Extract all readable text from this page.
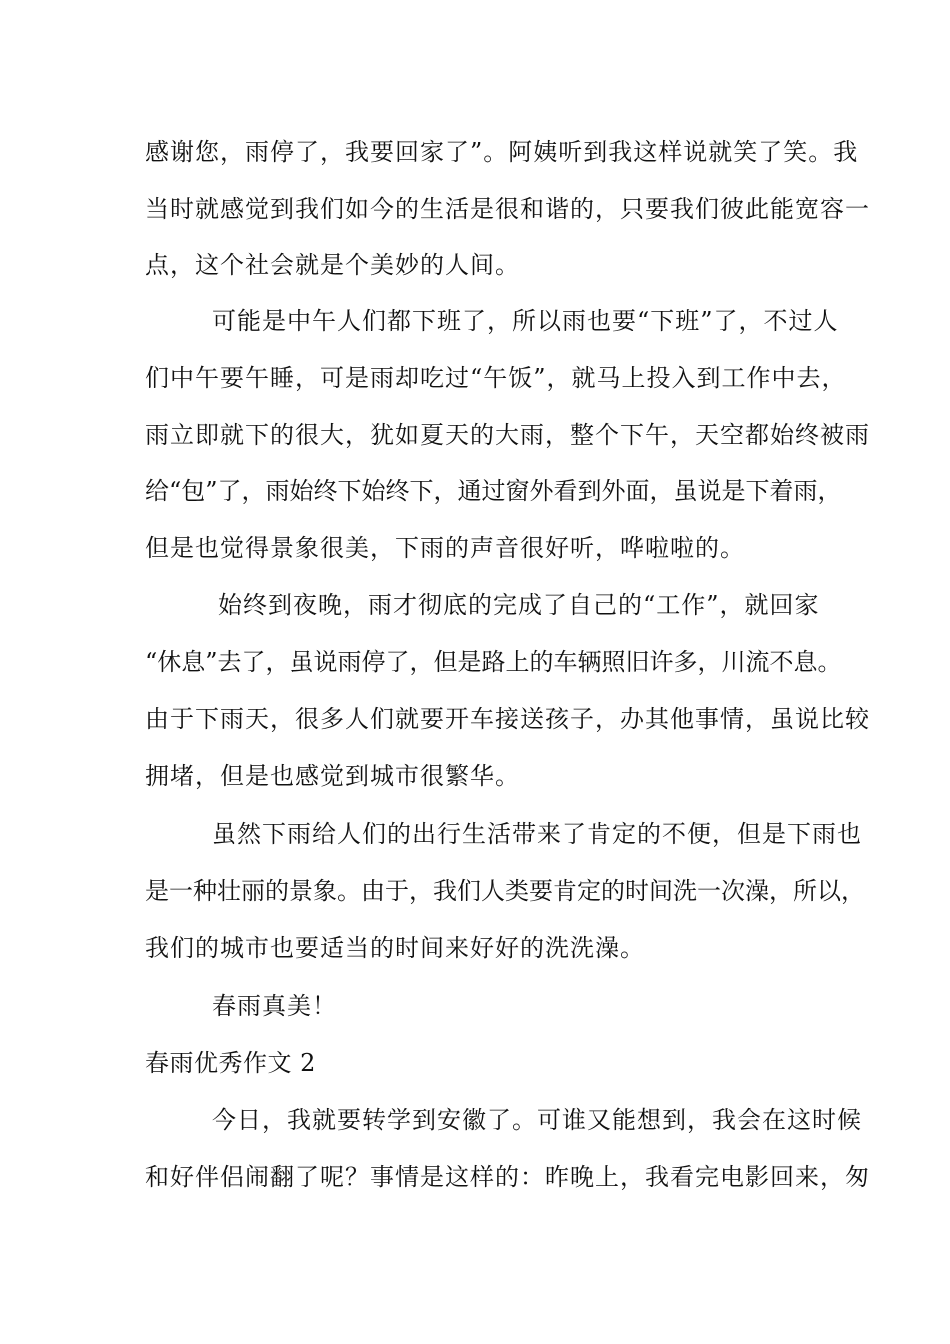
感谢您，雨停了，我要回家了”。阿姨听到我这样说就笑了笑。我
当时就感觉到我们如今的生活是很和谐的，只要我们彼此能宽容一
点，这个社会就是个美妙的人间。
可能是中午人们都下班了，所以雨也要“下班”了，不过人
们中午要午睡，可是雨却吃过“午饭”，就马上投入到工作中去，
雨立即就下的很大，犹如夏天的大雨，整个下午，天空都始终被雨
给“包”了，雨始终下始终下，通过窗外看到外面，虽说是下着雨，
但是也觉得景象很美，下雨的声音很好听，哗啦啦的。
始终到夜晚，雨才彻底的完成了自己的“工作”，就回家
“休息”去了，虽说雨停了，但是路上的车辆照旧许多，川流不息。
由于下雨天，很多人们就要开车接送孩子，办其他事情，虽说比较
拥堵，但是也感觉到城市很繁华。
虽然下雨给人们的出行生活带来了肯定的不便，但是下雨也
是一种壮丽的景象。由于，我们人类要肯定的时间洗一次澡，所以，
我们的城市也要适当的时间来好好的洗洗澡。
春雨真美！
春雨优秀作文 2
今日，我就要转学到安徽了。可谁又能想到，我会在这时候
和好伴侣闹翻了呢？事情是这样的：昨晚上，我看完电影回来，匆
